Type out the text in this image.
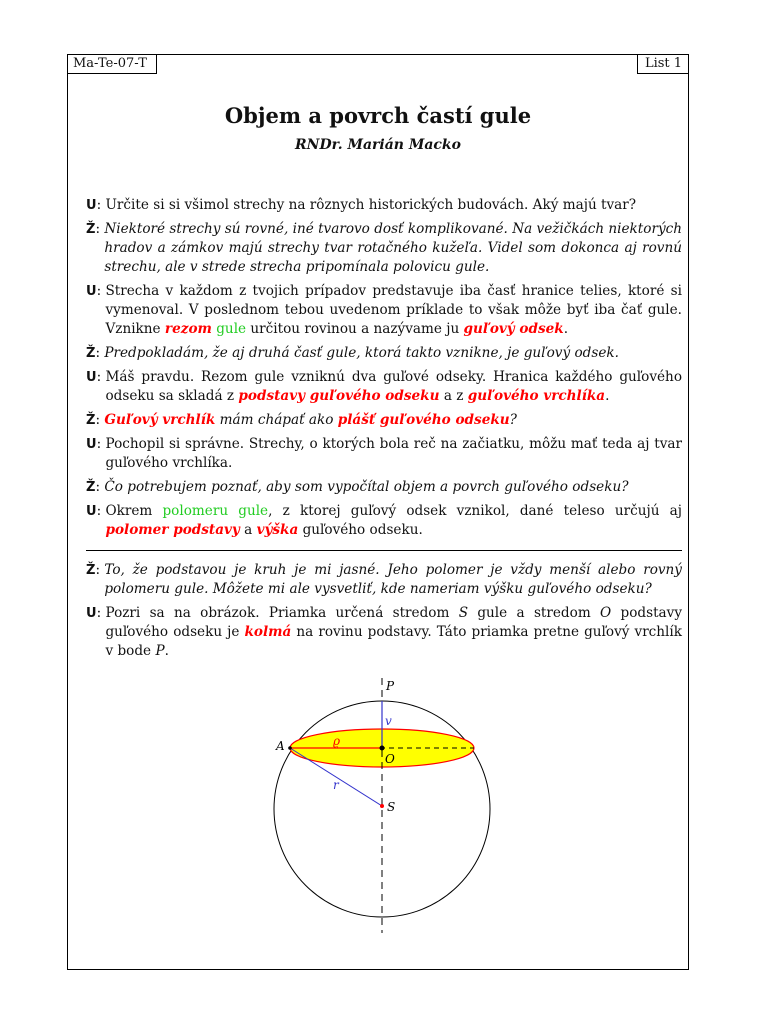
Ma-Te-07-T	List 1
Objem a povrch častí gule
RNDr. Marián Macko
U : Určite si si všimol strechy na rôznych historických budovách. Aký majú tvar?
Ž : Niektoré strechy sú rovné, iné tvarovo dosť komplikované. Na vežičkách niektorých hradov a zámkov majú strechy tvar rotačného kužeľa. Videl som dokonca aj rovnú strechu, ale v strede strecha pripomínala polovicu gule.
U : Strecha v každom z tvojich prípadov predstavuje iba časť hranice telies, ktoré si vymenoval. V poslednom tebou uvedenom príklade to však môže byť iba čať gule. Vznikne rezom gule určitou rovinou a nazývame ju guľový odsek.
Ž : Predpokladám, že aj druhá časť gule, ktorá takto vznikne, je guľový odsek.
U : Máš pravdu. Rezom gule vzniknú dva guľové odseky. Hranica každého guľového odseku sa skladá z podstavy guľového odseku a z guľového vrchlíka.
Ž : Guľový vrchlík mám chápať ako plášť guľového odseku?
U : Pochopil si správne. Strechy, o ktorých bola reč na začiatku, môžu mať teda aj tvar guľového vrchlíka.
Ž : Čo potrebujem poznať, aby som vypočítal objem a povrch guľového odseku?
U : Okrem polomeru gule, z ktorej guľový odsek vznikol, dané teleso určujú aj polomer podstavy a výška guľového odseku.
Ž : To, že podstavou je kruh je mi jasné. Jeho polomer je vždy menší alebo rovný polomeru gule. Môžete mi ale vysvetliť, kde nameriam výšku guľového odseku?
U : Pozri sa na obrázok. Priamka určená stredom S gule a stredom O podstavy guľového odseku je kolmá na rovinu podstavy. Táto priamka pretne guľový vrchlík v bode P.
P
A
O
S
v
ϱ
r
